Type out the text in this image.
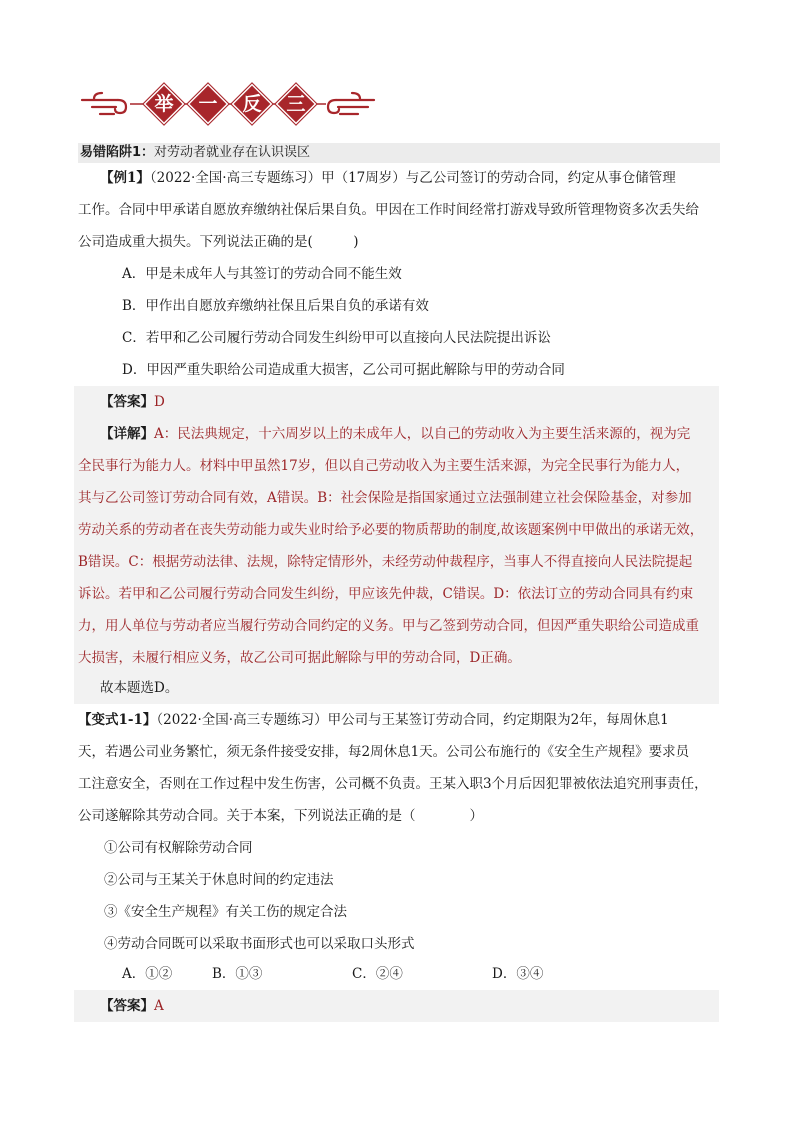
举	一	反	三
易错陷阱1：对劳动者就业存在认识误区
【例1】（2022·全国·高三专题练习）甲（17周岁）与乙公司签订的劳动合同，约定从事仓储管理
工作。合同中甲承诺自愿放弃缴纳社保后果自负。甲因在工作时间经常打游戏导致所管理物资多次丢失给
公司造成重大损失。下列说法正确的是(　　　)
A．甲是未成年人与其签订的劳动合同不能生效
B．甲作出自愿放弃缴纳社保且后果自负的承诺有效
C．若甲和乙公司履行劳动合同发生纠纷甲可以直接向人民法院提出诉讼
D．甲因严重失职给公司造成重大损害，乙公司可据此解除与甲的劳动合同
【答案】D
【详解】A：民法典规定，十六周岁以上的未成年人，以自己的劳动收入为主要生活来源的，视为完
全民事行为能力人。材料中甲虽然17岁，但以自己劳动收入为主要生活来源，为完全民事行为能力人，
其与乙公司签订劳动合同有效，A错误。B：社会保险是指国家通过立法强制建立社会保险基金，对参加
劳动关系的劳动者在丧失劳动能力或失业时给予必要的物质帮助的制度,故该题案例中甲做出的承诺无效，
B错误。C：根据劳动法律、法规，除特定情形外，未经劳动仲裁程序，当事人不得直接向人民法院提起
诉讼。若甲和乙公司履行劳动合同发生纠纷，甲应该先仲裁，C错误。D：依法订立的劳动合同具有约束
力，用人单位与劳动者应当履行劳动合同约定的义务。甲与乙签到劳动合同，但因严重失职给公司造成重
大损害，未履行相应义务，故乙公司可据此解除与甲的劳动合同，D正确。
故本题选D。
【变式1-1】（2022·全国·高三专题练习）甲公司与王某签订劳动合同，约定期限为2年，每周休息1
天，若遇公司业务繁忙，须无条件接受安排，每2周休息1天。公司公布施行的《安全生产规程》要求员
工注意安全，否则在工作过程中发生伤害，公司概不负责。王某入职3个月后因犯罪被依法追究刑事责任，
公司遂解除其劳动合同。关于本案，下列说法正确的是（　　　　）
①公司有权解除劳动合同
②公司与王某关于休息时间的约定违法
③《安全生产规程》有关工伤的规定合法
④劳动合同既可以采取书面形式也可以采取口头形式
A．①②	B．①③	C．②④	D．③④
【答案】A
